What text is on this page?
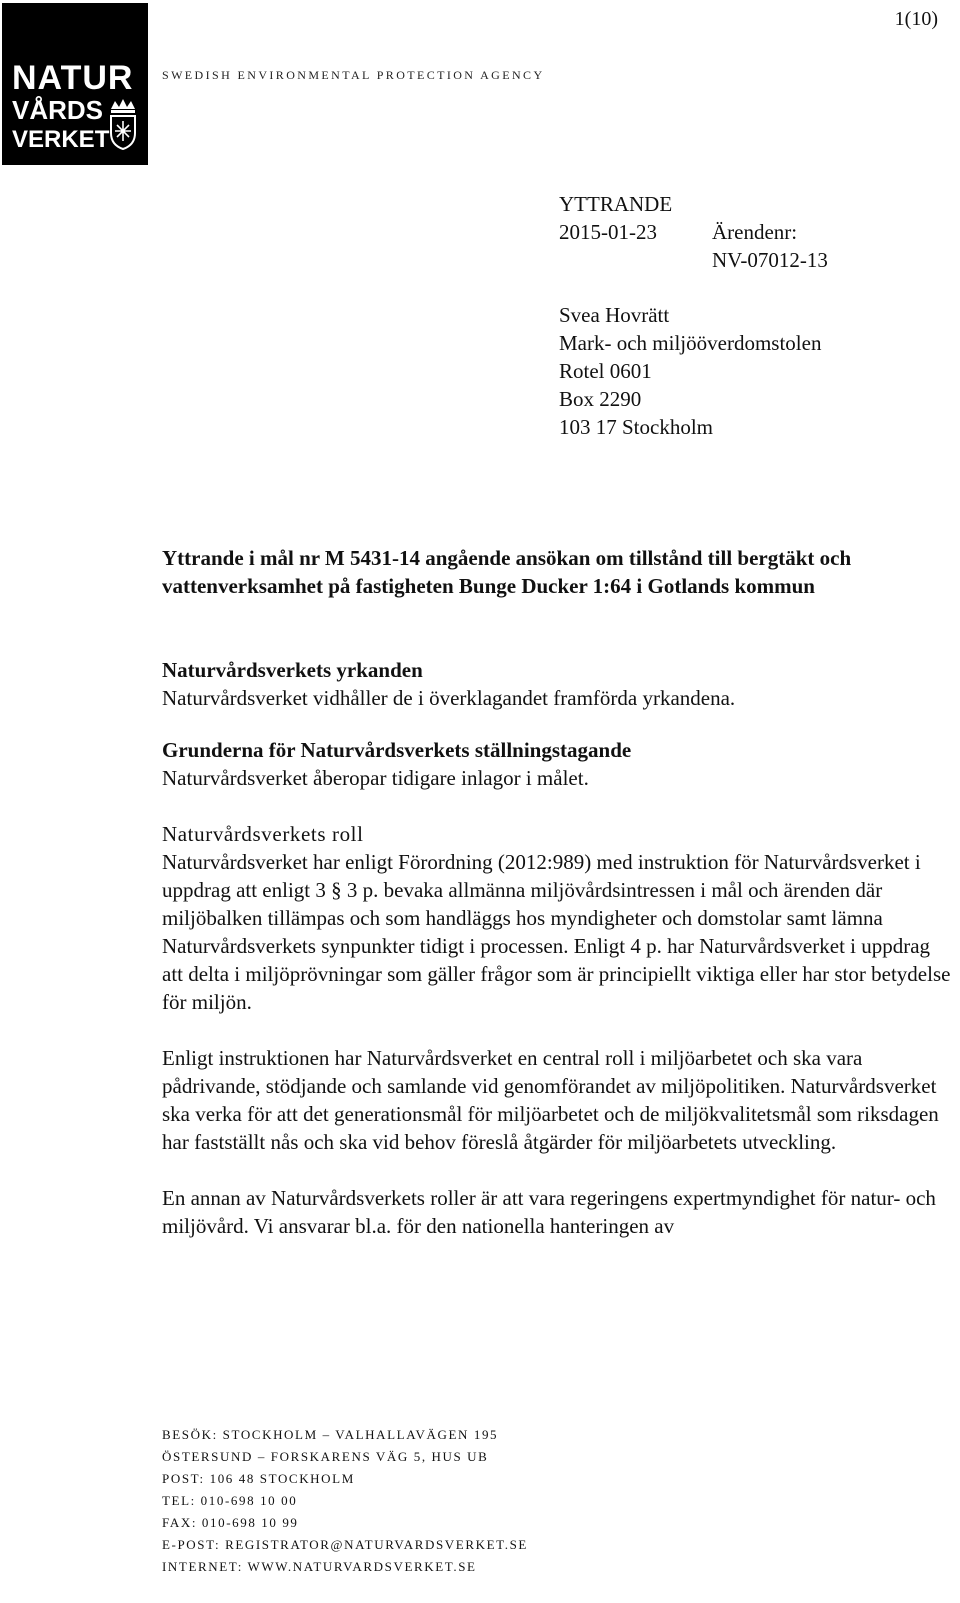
1(10)
NATUR
VÅRDS
VERKET
SWEDISH ENVIRONMENTAL PROTECTION AGENCY
YTTRANDE
2015-01-23	Ärendenr:
NV-07012-13
Svea Hovrätt
Mark- och miljööverdomstolen
Rotel 0601
Box 2290
103 17 Stockholm

Yttrande i mål nr M 5431-14 angående ansökan om tillstånd till bergtäkt och vattenverksamhet på fastigheten Bunge Ducker 1:64 i Gotlands kommun

Naturvårdsverkets yrkanden

Naturvårdsverket vidhåller de i överklagandet framförda yrkandena.

Grunderna för Naturvårdsverkets ställningstagande

Naturvårdsverket åberopar tidigare inlagor i målet.

Naturvårdsverkets roll

Naturvårdsverket har enligt Förordning (2012:989) med instruktion för Naturvårdsverket i uppdrag att enligt 3 § 3 p. bevaka allmänna miljövårdsintressen i mål och ärenden där miljöbalken tillämpas och som handläggs hos myndigheter och domstolar samt lämna Naturvårdsverkets synpunkter tidigt i processen. Enligt 4 p. har Naturvårdsverket i uppdrag att delta i miljöprövningar som gäller frågor som är principiellt viktiga eller har stor betydelse för miljön.

Enligt instruktionen har Naturvårdsverket en central roll i miljöarbetet och ska vara pådrivande, stödjande och samlande vid genomförandet av miljöpolitiken. Naturvårdsverket ska verka för att det generationsmål för miljöarbetet och de miljökvalitetsmål som riksdagen har fastställt nås och ska vid behov föreslå åtgärder för miljöarbetets utveckling.

En annan av Naturvårdsverkets roller är att vara regeringens expertmyndighet för natur- och miljövård. Vi ansvarar bl.a. för den nationella hanteringen av

BESÖK: STOCKHOLM – VALHALLAVÄGEN 195
ÖSTERSUND – FORSKARENS VÄG 5, HUS UB
POST: 106 48 STOCKHOLM
TEL: 010-698 10 00
FAX: 010-698 10 99
E-POST: REGISTRATOR@NATURVARDSVERKET.SE
INTERNET: WWW.NATURVARDSVERKET.SE
